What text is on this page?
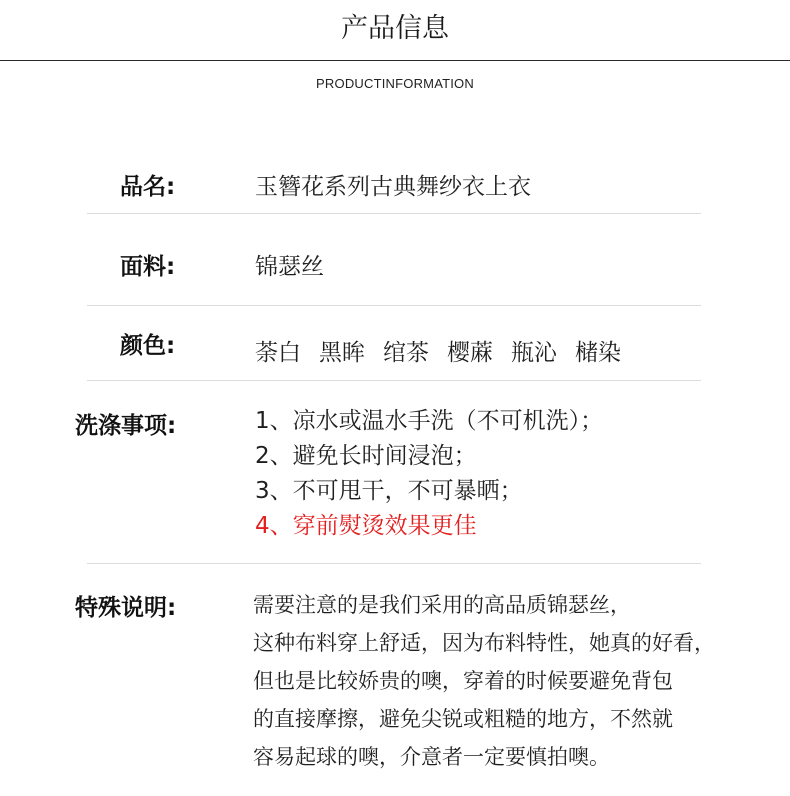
产品信息
PRODUCTINFORMATION
品名:	玉簪花系列古典舞纱衣上衣
面料:	锦瑟丝
颜色:	荼白 黑眸 绾茶 樱蔴 瓶沁 槠染
洗涤事项:	1、凉水或温水手洗（不可机洗）；
2、避免长时间浸泡；
3、不可甩干，不可暴晒；
4、穿前熨烫效果更佳
特殊说明:	需要注意的是我们采用的高品质锦瑟丝，
这种布料穿上舒适，因为布料特性，她真的好看，
但也是比较娇贵的噢，穿着的时候要避免背包
的直接摩擦，避免尖锐或粗糙的地方，不然就
容易起球的噢，介意者一定要慎拍噢。
